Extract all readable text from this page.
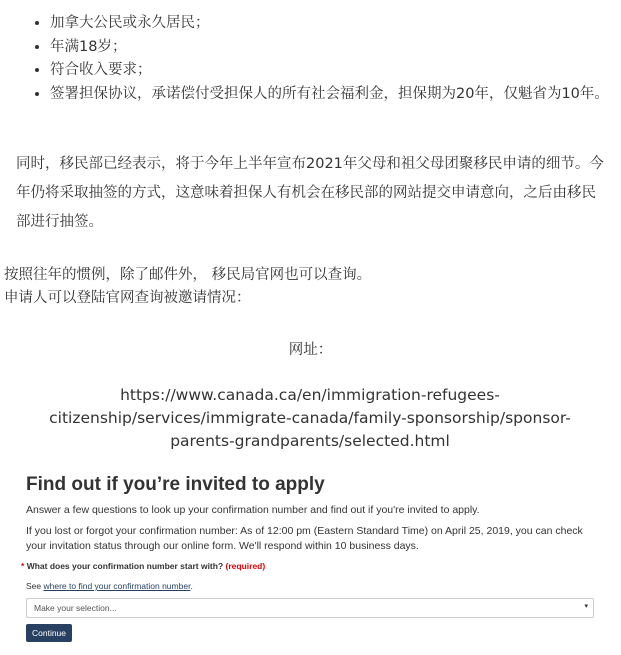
• 加拿大公民或永久居民；
• 年满18岁；
• 符合收入要求；
• 签署担保协议，承诺偿付受担保人的所有社会福利金，担保期为20年，仅魁省为10年。
同时，移民部已经表示，将于今年上半年宣布2021年父母和祖父母团聚移民申请的细节。今年仍将采取抽签的方式，这意味着担保人有机会在移民部的网站提交申请意向，之后由移民部进行抽签。
按照往年的惯例，除了邮件外， 移民局官网也可以查询。
申请人可以登陆官网查询被邀请情况：
网址：
https://www.canada.ca/en/immigration-refugees-citizenship/services/immigrate-canada/family-sponsorship/sponsor-parents-grandparents/selected.html
Find out if you’re invited to apply
Answer a few questions to look up your confirmation number and find out if you're invited to apply.
If you lost or forgot your confirmation number: As of 12:00 pm (Eastern Standard Time) on April 25, 2019, you can check your invitation status through our online form. We'll respond within 10 business days.
* What does your confirmation number start with? (required)
See where to find your confirmation number.
Make your selection...	▾
Continue
